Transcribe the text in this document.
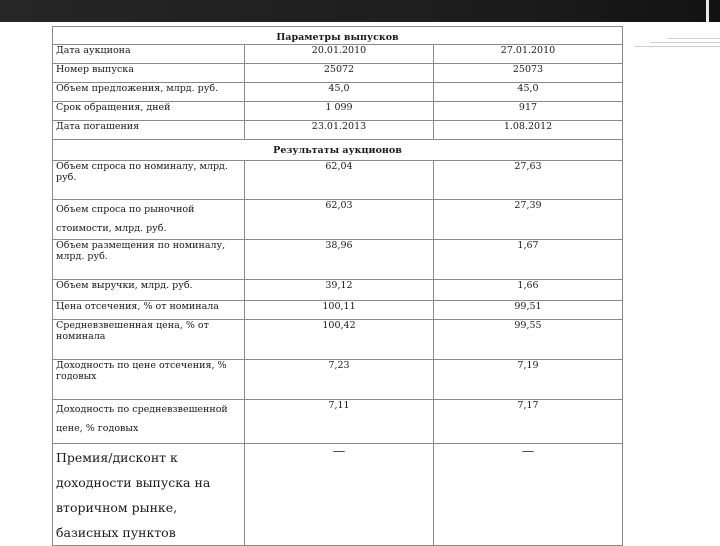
Параметры выпусков		
Дата аукциона	20.01.2010	27.01.2010
Номер выпуска	25072	25073
Объем предложения, млрд. руб.	45,0	45,0
Срок обращения, дней	1 099	917
Дата погашения	23.01.2013	1.08.2012
Результаты аукционов		
Объем спроса по номиналу, млрд. руб.	62,04	27,63
Объем спроса по рыночной стоимости, млрд. руб.	62,03	27,39
Объем размещения по номиналу, млрд. руб.	38,96	1,67
Объем выручки, млрд. руб.	39,12	1,66
Цена отсечения, % от номинала	100,11	99,51
Средневзвешенная цена, % от номинала	100,42	99,55
Доходность по цене отсечения, % годовых	7,23	7,19
Доходность по средневзвешенной цене, % годовых	7,11	7,17
Премия/дисконт к доходности выпуска на вторичном рынке, базисных пунктов	—	—
